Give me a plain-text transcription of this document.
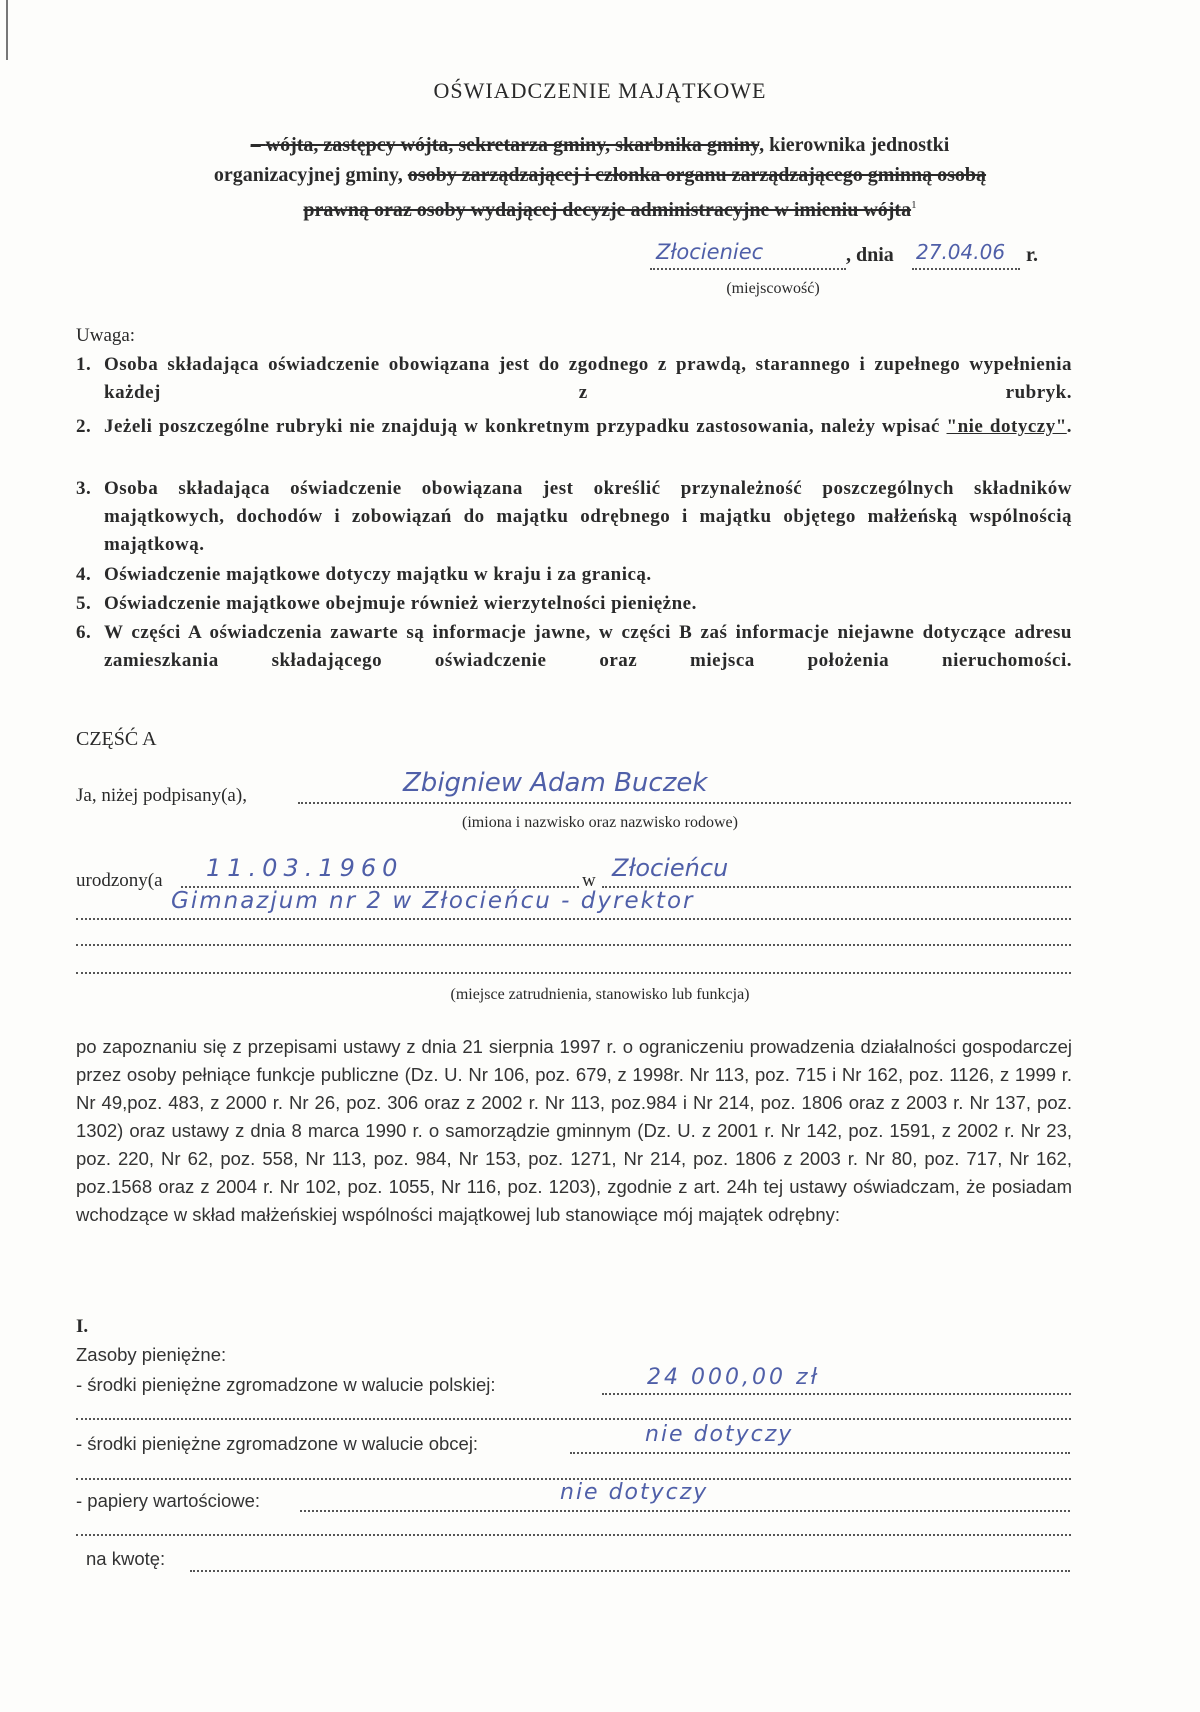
OŚWIADCZENIE MAJĄTKOWE
– wójta, zastępcy wójta, sekretarza gminy, skarbnika gminy, kierownika jednostki
organizacyjnej gminy, osoby zarządzającej i członka organu zarządzającego gminną osobą
prawną oraz osoby wydającej decyzje administracyjne w imieniu wójta$^1$
Złocieniec	, dnia 27.04.06	r.
(miejscowość)
Uwaga:
1. Osoba składająca oświadczenie obowiązana jest do zgodnego z prawdą, starannego i zupełnego wypełnienia każdej z rubryk.
2. Jeżeli poszczególne rubryki nie znajdują w konkretnym przypadku zastosowania, należy wpisać "nie dotyczy".
3. Osoba składająca oświadczenie obowiązana jest określić przynależność poszczególnych składników majątkowych, dochodów i zobowiązań do majątku odrębnego i majątku objętego małżeńską wspólnością majątkową.
4. Oświadczenie majątkowe dotyczy majątku w kraju i za granicą.
5. Oświadczenie majątkowe obejmuje również wierzytelności pieniężne.
6. W części A oświadczenia zawarte są informacje jawne, w części B zaś informacje niejawne dotyczące adresu zamieszkania składającego oświadczenie oraz miejsca położenia nieruchomości.
CZĘŚĆ A
Ja, niżej podpisany(a),	Zbigniew Adam Buczek
(imiona i nazwisko oraz nazwisko rodowe)
urodzony(a	11.03.1960	w Złocieńcu
Gimnazjum nr 2 w Złocieńcu - dyrektor
(miejsce zatrudnienia, stanowisko lub funkcja)
po zapoznaniu się z przepisami ustawy z dnia 21 sierpnia 1997 r. o ograniczeniu prowadzenia działalności gospodarczej przez osoby pełniące funkcje publiczne (Dz. U. Nr 106, poz. 679, z 1998r. Nr 113, poz. 715 i Nr 162, poz. 1126, z 1999 r. Nr 49,poz. 483, z 2000 r. Nr 26, poz. 306 oraz z 2002 r. Nr 113, poz.984 i Nr 214, poz. 1806 oraz z 2003 r. Nr 137, poz. 1302) oraz ustawy z dnia 8 marca 1990 r. o samorządzie gminnym (Dz. U. z 2001 r. Nr 142, poz. 1591, z 2002 r. Nr 23, poz. 220, Nr 62, poz. 558, Nr 113, poz. 984, Nr 153, poz. 1271, Nr 214, poz. 1806 z 2003 r. Nr 80, poz. 717, Nr 162, poz.1568 oraz z 2004 r. Nr 102, poz. 1055, Nr 116, poz. 1203), zgodnie z art. 24h tej ustawy oświadczam, że posiadam wchodzące w skład małżeńskiej wspólności majątkowej lub stanowiące mój majątek odrębny:
I.
Zasoby pieniężne:
- środki pieniężne zgromadzone w walucie polskiej:	24 000,00 zł
- środki pieniężne zgromadzone w walucie obcej:	nie dotyczy
- papiery wartościowe:	nie dotyczy
na kwotę:
